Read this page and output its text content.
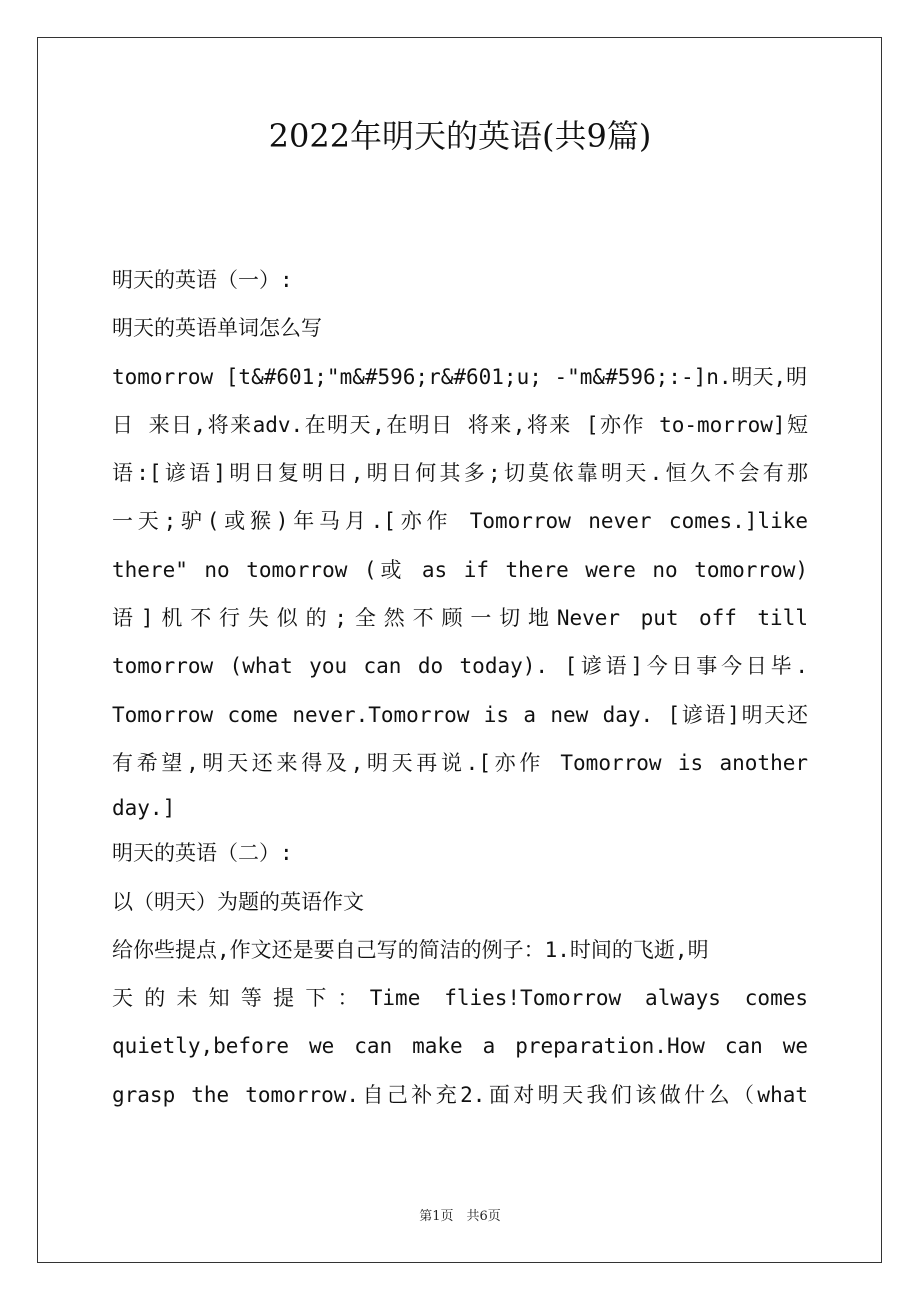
2022年明天的英语(共9篇)
明天的英语（一）:
明天的英语单词怎么写
tomorrow [t&#601;"m&#596;r&#601;u; -"m&#596;:-]n.明天,明
日 来日,将来adv.在明天,在明日 将来,将来 [亦作 to-morrow]短
语:[谚语]明日复明日,明日何其多;切莫依靠明天.恒久不会有那
一天;驴(或猴)年马月.[亦作 Tomorrow never comes.]like
there" no tomorrow (或 as if there were no tomorrow)
语]机不行失似的;全然不顾一切地Never put off till
tomorrow (what you can do today). [谚语]今日事今日毕.
Tomorrow come never.Tomorrow is a new day. [谚语]明天还
有希望,明天还来得及,明天再说.[亦作 Tomorrow is another
day.]
明天的英语（二）:
以（明天）为题的英语作文
给你些提点,作文还是要自己写的简洁的例子：1.时间的飞逝,明
天的未知等提下：Time flies!Tomorrow always comes
quietly,before we can make a preparation.How can we
grasp the tomorrow.自己补充2.面对明天我们该做什么（what
第1页　共6页
